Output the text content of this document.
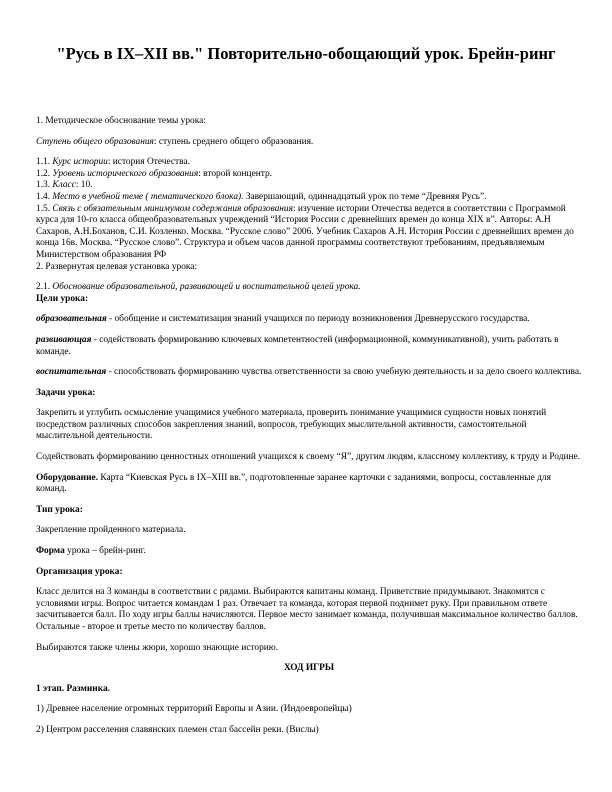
"Русь в IX–XII вв." Повторительно-обощающий урок. Брейн-ринг

1. Методическое обоснование темы урока:

Ступень общего образования: ступень среднего общего образования.

1.1. Курс истории: история Отечества.

1.2. Уровень исторического образования: второй концентр.

1.3. Класс: 10.

1.4. Место в учебной теме ( тематического блока). Завершающий, одиннадцатый урок по теме “Древняя Русь”.

1.5. Связь с обязательным минимумом содержания образования: изучение истории Отечества ведется в соответствии с Программой курса для 10-го класса общеобразовательных учреждений “История России с древнейших времен до конца XIX в”. Авторы: А.Н Сахаров, А.Н.Боханов, С.И. Козленко. Москва. “Русское слово” 2006. Учебник Сахаров А.Н. История России с древнейших времен до конца 16в. Москва. “Русское слово”. Структура и объем часов данной программы соответствуют требованиям, предъявляемым Министерством образования РФ

2. Развернутая целевая установка урока:

2.1. Обоснование образовательной, развивающей и воспитательной целей урока.

Цели урока:

образовательная - обобщение и систематизация знаний учащихся по периоду возникновения Древнерусского государства.

развивающая - содействовать формированию ключевых компетентностей (информационной, коммуникативной), учить работать в команде.

воспитательная - способствовать формированию чувства ответственности за свою учебную деятельность и за дело своего коллектива.

Задачи урока:

Закрепить и углубить осмысление учащимися учебного материала, проверить понимание учащимися сущности новых понятий посредством различных способов закрепления знаний, вопросов, требующих мыслительной активности, самостоятельной мыслительной деятельности.

Содействовать формированию ценностных отношений учащихся к своему “Я”, другим людям, классному коллективу, к труду и Родине.

Оборудование. Карта “Киевская Русь в IX–XIII вв.”, подготовленные заранее карточки с заданиями, вопросы, составленные для команд.

Тип урока:

Закрепление пройденного материала.

Форма урока – брейн-ринг.

Организация урока:

Класс делится на 3 команды в соответствии с рядами. Выбираются капитаны команд. Приветствие придумывают. Знакомятся с условиями игры. Вопрос читается командам 1 раз. Отвечает та команда, которая первой поднимет руку. При правильном ответе засчитывается балл. По ходу игры баллы начисляются. Первое место занимает команда, получившая максимальное количество баллов. Остальные - второе и третье место по количеству баллов.

Выбираются также члены жюри, хорошо знающие историю.

ХОД ИГРЫ

1 этап. Разминка.

1) Древнее население огромных территорий Европы и Азии. (Индоевропейцы)

2) Центром расселения славянских племен стал бассейн реки. (Вислы)
